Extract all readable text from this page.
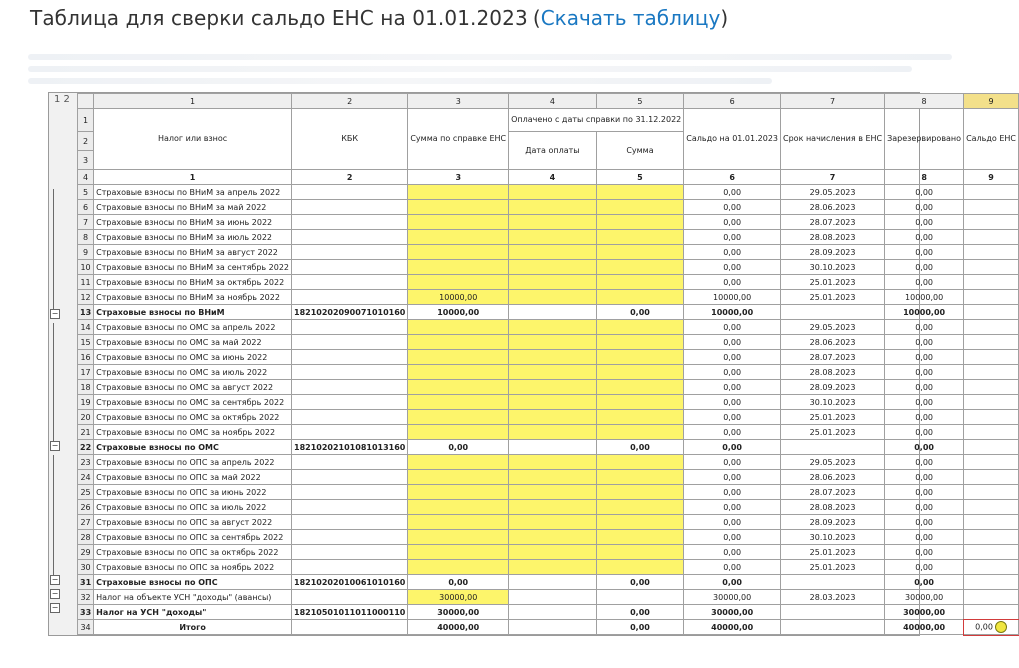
Таблица для сверки сальдо ЕНС на 01.01.2023 (Скачать таблицу)
1 2
−
−
−
−
−
	1	2	3	4	5	6	7	8	9
1	Налог или взнос	КБК	Сумма по справке ЕНС	Оплачено с даты справки по 31.12.2022		Сальдо на 01.01.2023	Срок начисления в ЕНС	Зарезервировано	Сальдо ЕНС
2				Дата оплаты	Сумма				
3									
4	1	2	3	4	5	6	7	8	9
5	Страховые взносы по ВНиМ за апрель 2022					0,00	29.05.2023	0,00	
6	Страховые взносы по ВНиМ за май 2022					0,00	28.06.2023	0,00	
7	Страховые взносы по ВНиМ за июнь 2022					0,00	28.07.2023	0,00	
8	Страховые взносы по ВНиМ за июль 2022					0,00	28.08.2023	0,00	
9	Страховые взносы по ВНиМ за август 2022					0,00	28.09.2023	0,00	
10	Страховые взносы по ВНиМ за сентябрь 2022					0,00	30.10.2023	0,00	
11	Страховые взносы по ВНиМ за октябрь 2022					0,00	25.01.2023	0,00	
12	Страховые взносы по ВНиМ за ноябрь 2022		10000,00			10000,00	25.01.2023	10000,00	
13	Страховые взносы по ВНиМ	18210202090071010160	10000,00		0,00	10000,00		10000,00	
14	Страховые взносы по ОМС за апрель 2022					0,00	29.05.2023	0,00	
15	Страховые взносы по ОМС за май 2022					0,00	28.06.2023	0,00	
16	Страховые взносы по ОМС за июнь 2022					0,00	28.07.2023	0,00	
17	Страховые взносы по ОМС за июль 2022					0,00	28.08.2023	0,00	
18	Страховые взносы по ОМС за август 2022					0,00	28.09.2023	0,00	
19	Страховые взносы по ОМС за сентябрь 2022					0,00	30.10.2023	0,00	
20	Страховые взносы по ОМС за октябрь 2022					0,00	25.01.2023	0,00	
21	Страховые взносы по ОМС за ноябрь 2022					0,00	25.01.2023	0,00	
22	Страховые взносы по ОМС	18210202101081013160	0,00		0,00	0,00		0,00	
23	Страховые взносы по ОПС за апрель 2022					0,00	29.05.2023	0,00	
24	Страховые взносы по ОПС за май 2022					0,00	28.06.2023	0,00	
25	Страховые взносы по ОПС за июнь 2022					0,00	28.07.2023	0,00	
26	Страховые взносы по ОПС за июль 2022					0,00	28.08.2023	0,00	
27	Страховые взносы по ОПС за август 2022					0,00	28.09.2023	0,00	
28	Страховые взносы по ОПС за сентябрь 2022					0,00	30.10.2023	0,00	
29	Страховые взносы по ОПС за октябрь 2022					0,00	25.01.2023	0,00	
30	Страховые взносы по ОПС за ноябрь 2022					0,00	25.01.2023	0,00	
31	Страховые взносы по ОПС	18210202010061010160	0,00		0,00	0,00		0,00	
32	Налог на объекте УСН "доходы" (авансы)		30000,00			30000,00	28.03.2023	30000,00	
33	Налог на УСН "доходы"	18210501011011000110	30000,00		0,00	30000,00		30000,00	
34	Итого		40000,00		0,00	40000,00		40000,00	0,00
